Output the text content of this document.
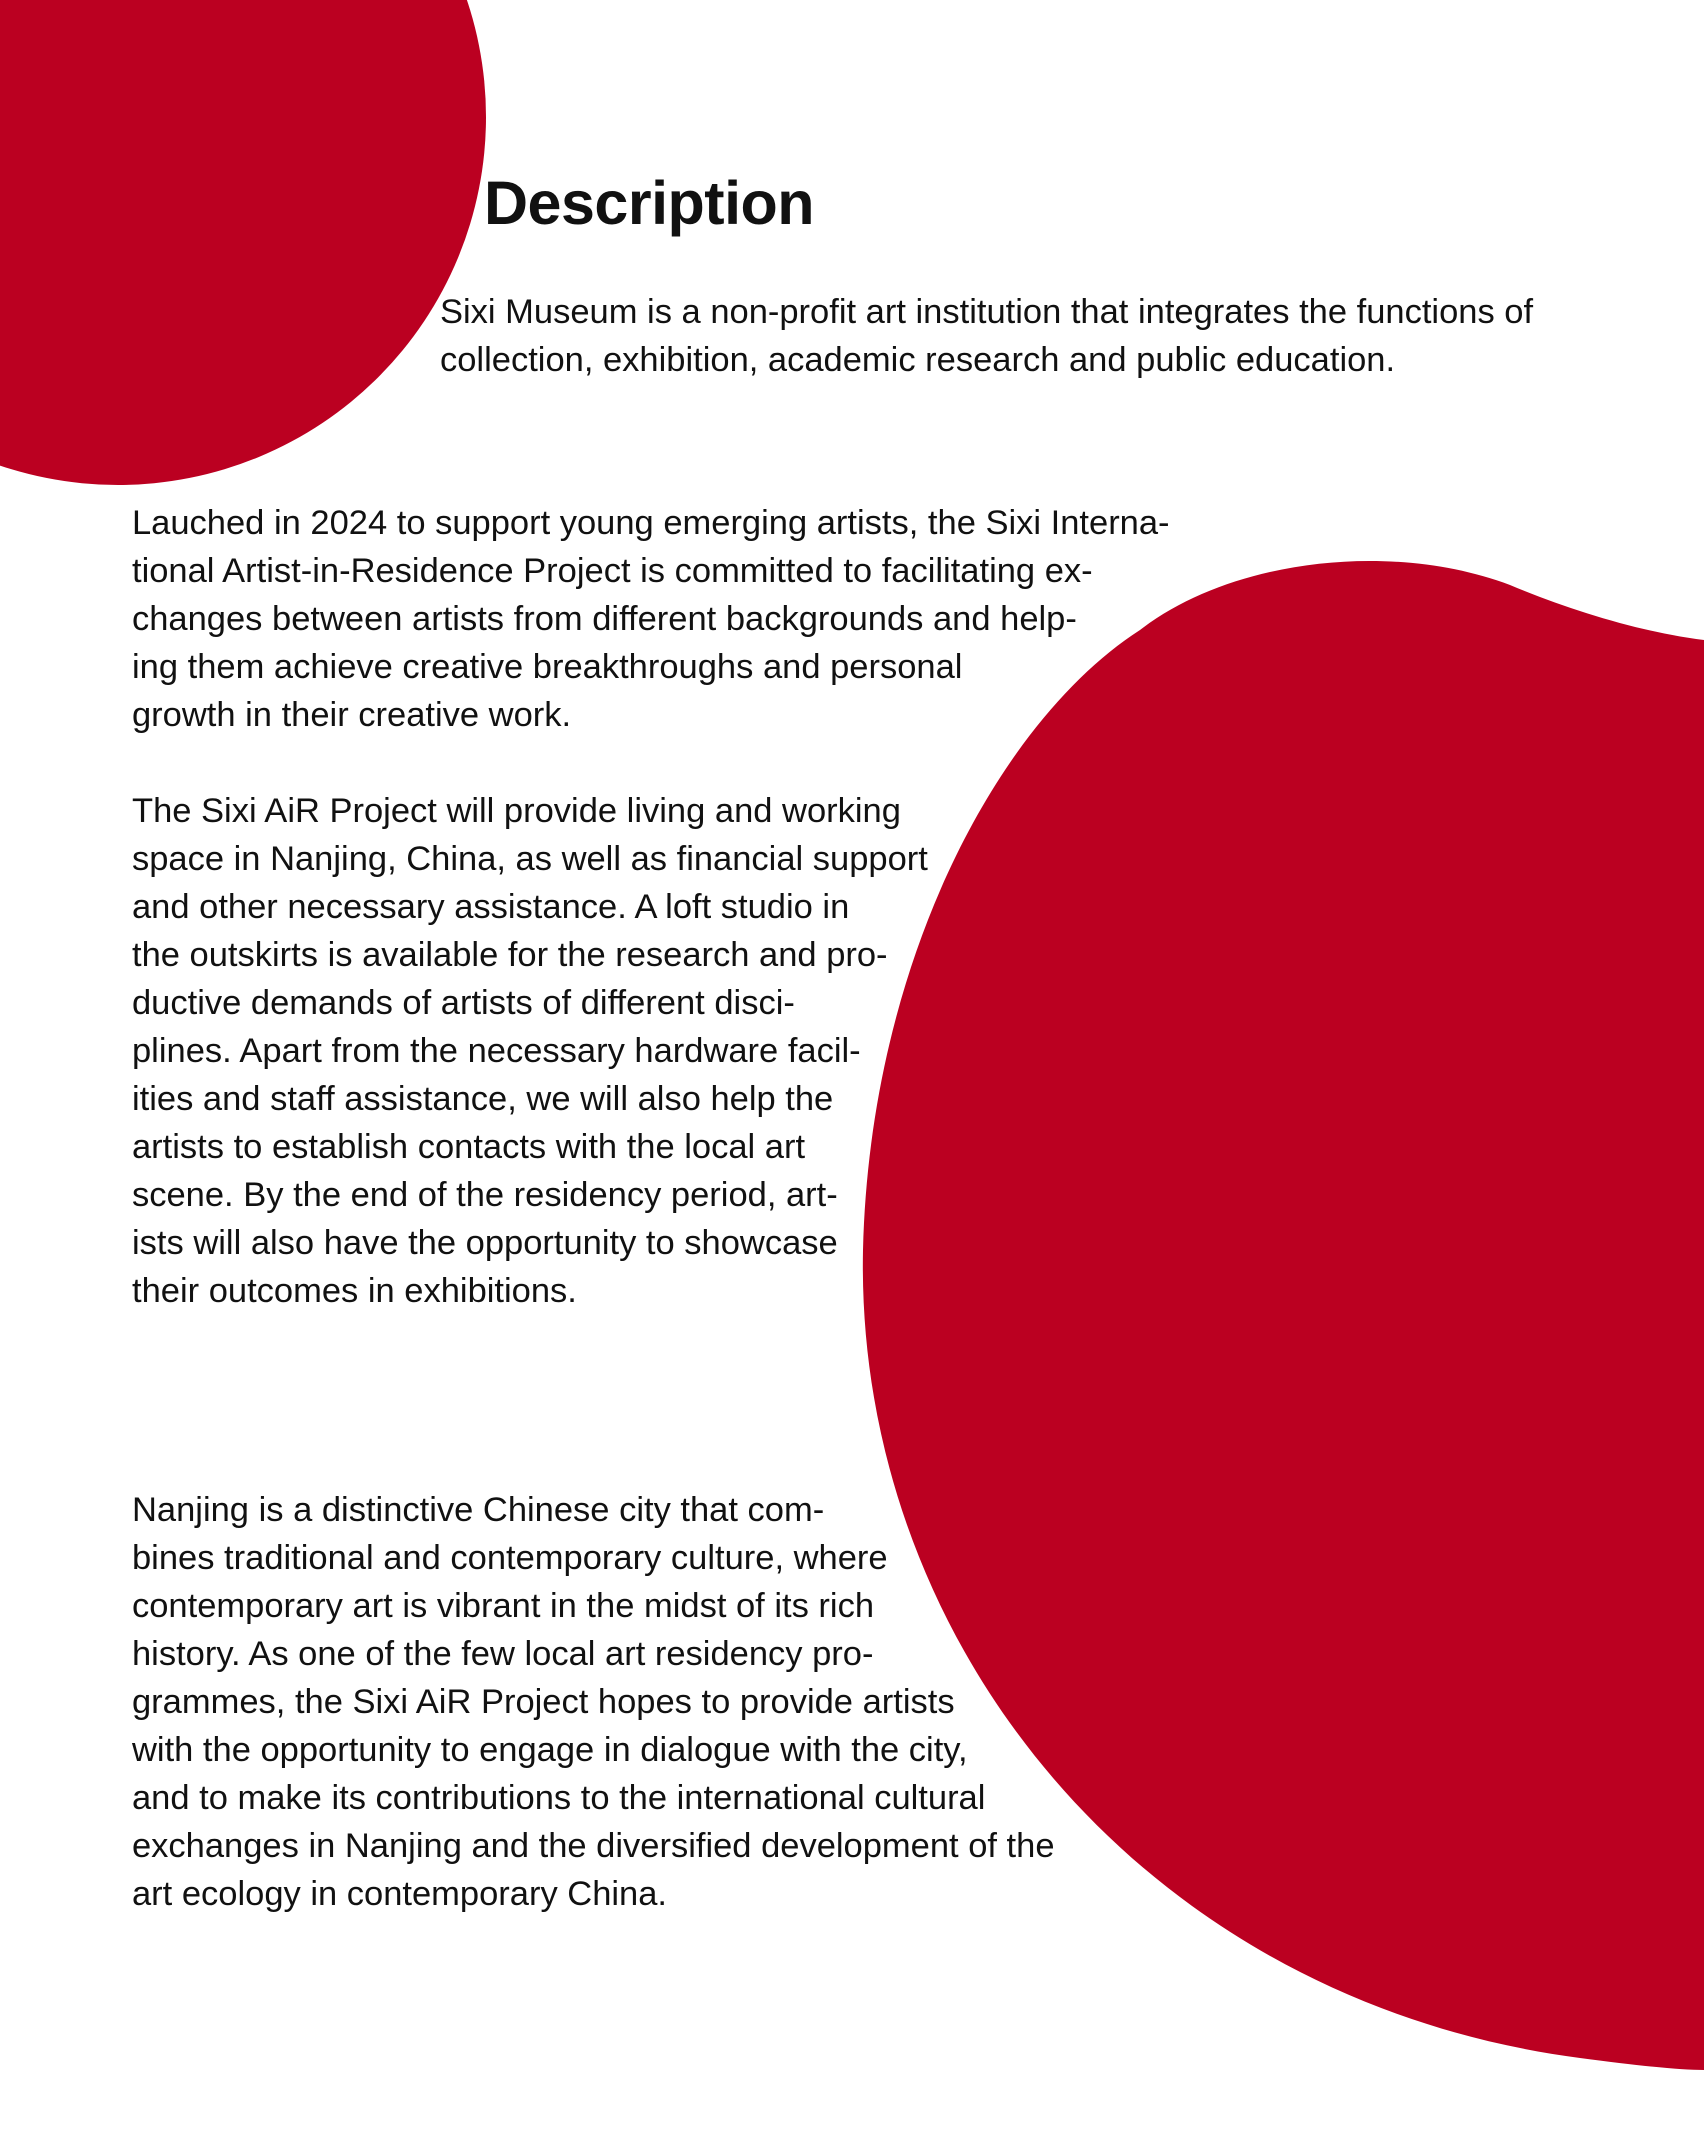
Description

Sixi Museum is a non-profit art institution that integrates the functions of
collection, exhibition, academic research and public education.

Lauched in 2024 to support young emerging artists, the Sixi Interna-
tional Artist-in-Residence Project is committed to facilitating ex-
changes between artists from different backgrounds and help-
ing them achieve creative breakthroughs and personal
growth in their creative work.

The Sixi AiR Project will provide living and working
space in Nanjing, China, as well as financial support
and other necessary assistance. A loft studio in
the outskirts is available for the research and pro-
ductive demands of artists of different disci-
plines. Apart from the necessary hardware facil-
ities and staff assistance, we will also help the
artists to establish contacts with the local art
scene. By the end of the residency period, art-
ists will also have the opportunity to showcase
their outcomes in exhibitions.

Nanjing is a distinctive Chinese city that com-
bines traditional and contemporary culture, where
contemporary art is vibrant in the midst of its rich
history. As one of the few local art residency pro-
grammes, the Sixi AiR Project hopes to provide artists
with the opportunity to engage in dialogue with the city,
and to make its contributions to the international cultural
exchanges in Nanjing and the diversified development of the
art ecology in contemporary China.
